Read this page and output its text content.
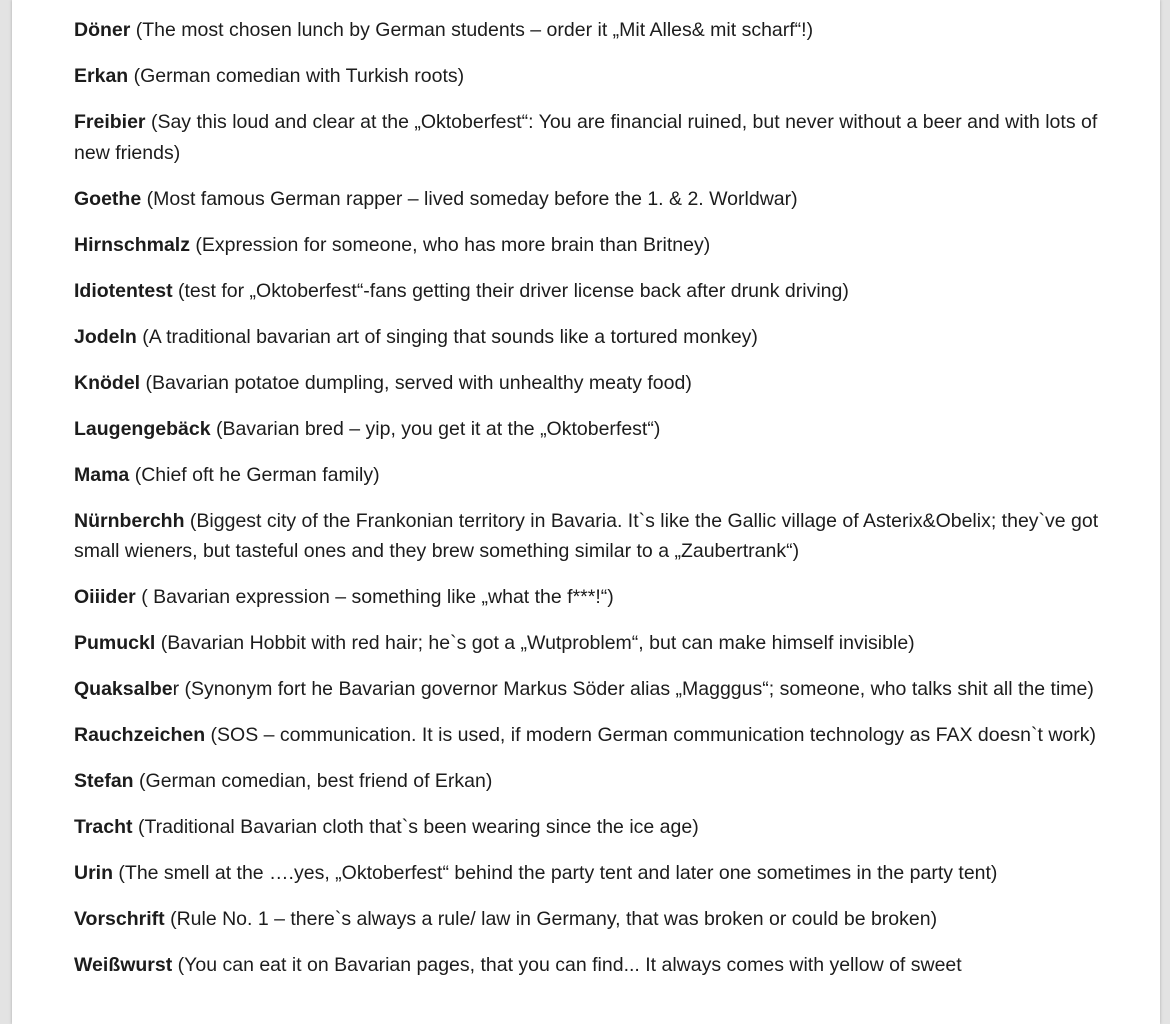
Döner (The most chosen lunch by German students – order it „Mit Alles& mit scharf“!)

Erkan (German comedian with Turkish roots)

Freibier (Say this loud and clear at the „Oktoberfest“: You are financial ruined, but never without a beer and with lots of new friends)

Goethe (Most famous German rapper – lived someday before the 1. & 2. Worldwar)

Hirnschmalz (Expression for someone, who has more brain than Britney)

Idiotentest (test for „Oktoberfest“-fans getting their driver license back after drunk driving)

Jodeln (A traditional bavarian art of singing that sounds like a tortured monkey)

Knödel (Bavarian potatoe dumpling, served with unhealthy meaty food)

Laugengebäck (Bavarian bred – yip, you get it at the „Oktoberfest“)

Mama (Chief oft he German family)

Nürnberchh (Biggest city of the Frankonian territory in Bavaria. It`s like the Gallic village of Asterix&Obelix; they`ve got small wieners, but tasteful ones and they brew something similar to a „Zaubertrank“)

Oiiider ( Bavarian expression – something like „what the f***!“)

Pumuckl (Bavarian Hobbit with red hair; he`s got a „Wutproblem“, but can make himself invisible)

Quaksalber (Synonym fort he Bavarian governor Markus Söder alias „Magggus“; someone, who talks shit all the time)

Rauchzeichen (SOS – communication. It is used, if modern German communication technology as FAX doesn`t work)

Stefan (German comedian, best friend of Erkan)

Tracht (Traditional Bavarian cloth that`s been wearing since the ice age)

Urin (The smell at the ….yes, „Oktoberfest“ behind the party tent and later one sometimes in the party tent)

Vorschrift (Rule No. 1 – there`s always a rule/ law in Germany, that was broken or could be broken)

Weißwurst (You can eat it on Bavarian pages, that you can find... It always comes with yellow of sweet
